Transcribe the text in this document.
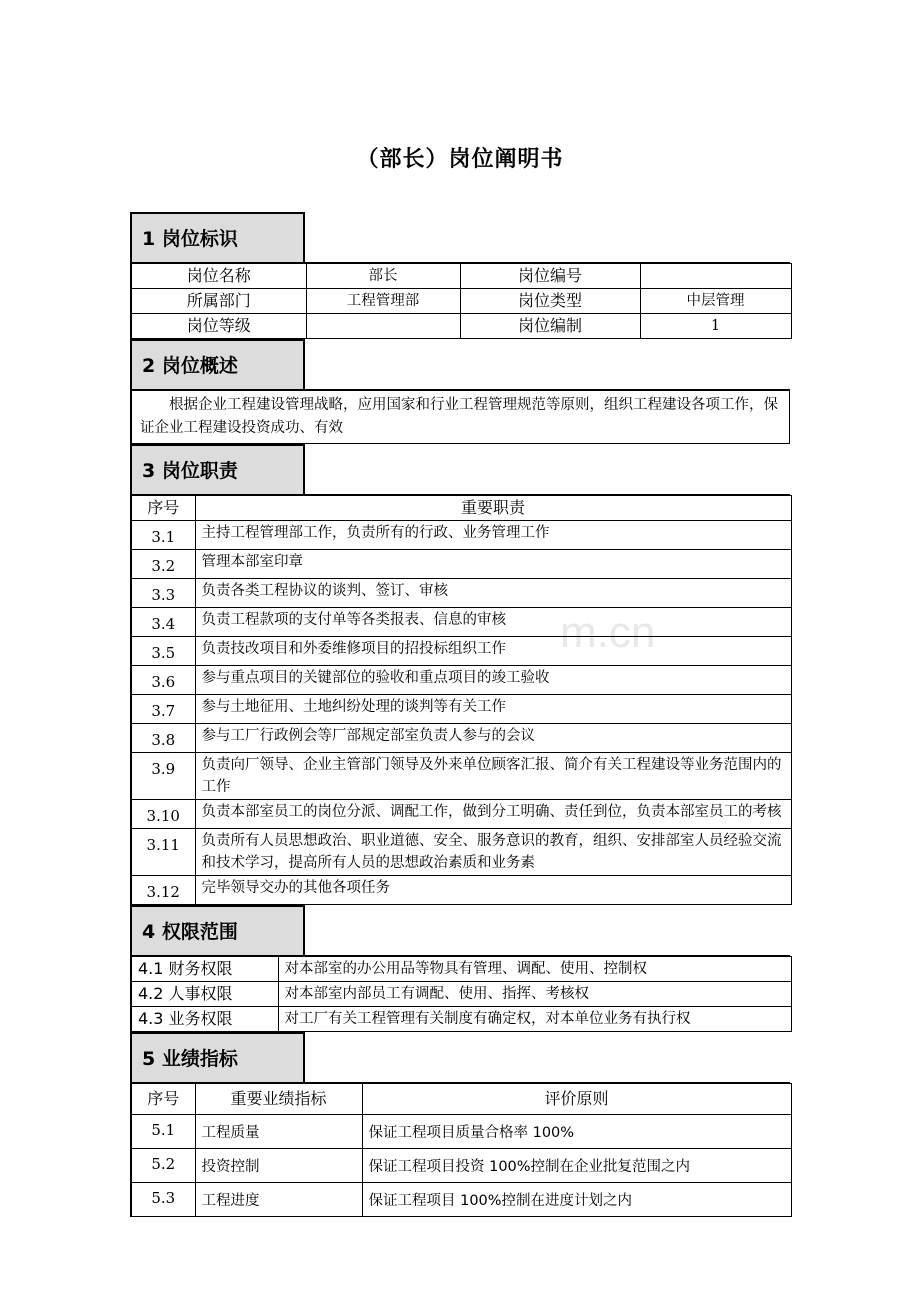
（部长）岗位阐明书
m.cn
1 岗位标识
岗位名称	部长	岗位编号	
所属部门	工程管理部	岗位类型	中层管理
岗位等级		岗位编制	1
2 岗位概述
根据企业工程建设管理战略，应用国家和行业工程管理规范等原则，组织工程建设各项工作，保证企业工程建设投资成功、有效
3 岗位职责
序号	重要职责
3.1	主持工程管理部工作，负责所有的行政、业务管理工作
3.2	管理本部室印章
3.3	负责各类工程协议的谈判、签订、审核
3.4	负责工程款项的支付单等各类报表、信息的审核
3.5	负责技改项目和外委维修项目的招投标组织工作
3.6	参与重点项目的关键部位的验收和重点项目的竣工验收
3.7	参与土地征用、土地纠纷处理的谈判等有关工作
3.8	参与工厂行政例会等厂部规定部室负责人参与的会议
3.9	负责向厂领导、企业主管部门领导及外来单位顾客汇报、简介有关工程建设等业务范围内的工作
3.10	负责本部室员工的岗位分派、调配工作，做到分工明确、责任到位，负责本部室员工的考核
3.11	负责所有人员思想政治、职业道德、安全、服务意识的教育，组织、安排部室人员经验交流和技术学习，提高所有人员的思想政治素质和业务素
3.12	完毕领导交办的其他各项任务
4 权限范围
4.1 财务权限	对本部室的办公用品等物具有管理、调配、使用、控制权
4.2 人事权限	对本部室内部员工有调配、使用、指挥、考核权
4.3 业务权限	对工厂有关工程管理有关制度有确定权，对本单位业务有执行权
5 业绩指标
序号	重要业绩指标	评价原则
5.1	工程质量	保证工程项目质量合格率 100%
5.2	投资控制	保证工程项目投资 100%控制在企业批复范围之内
5.3	工程进度	保证工程项目 100%控制在进度计划之内
